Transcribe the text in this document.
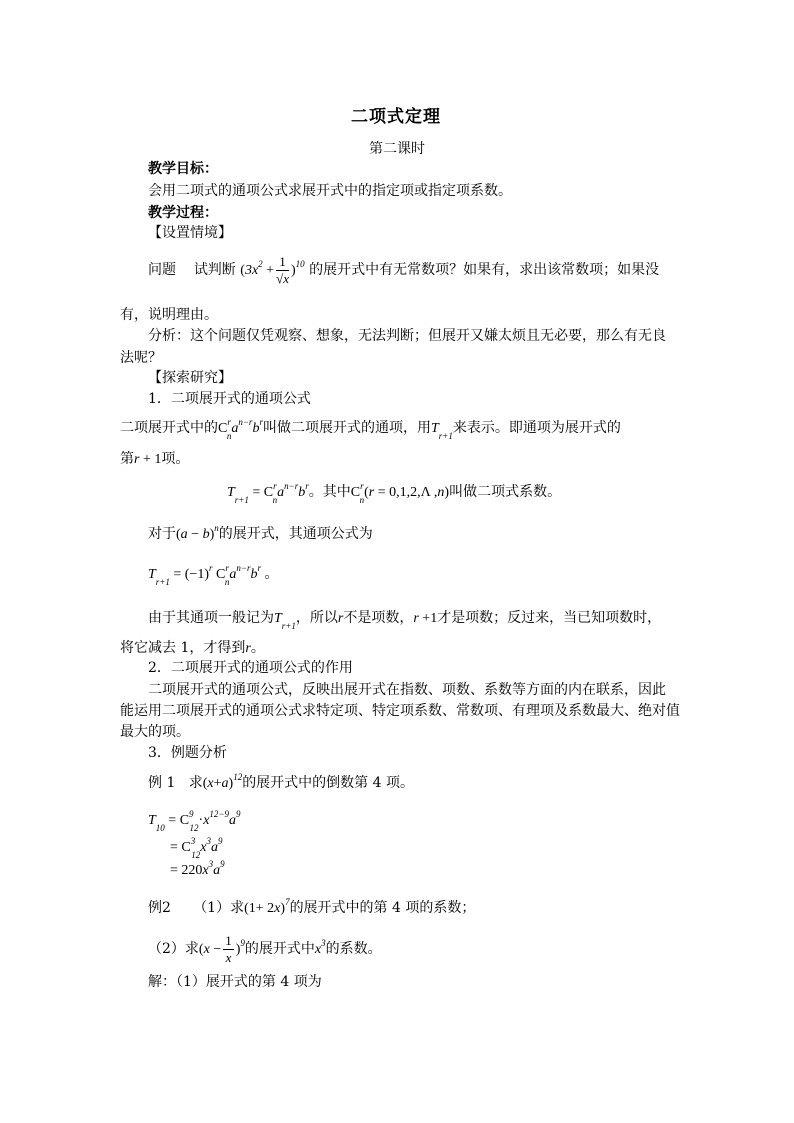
二项式定理
第二课时
教学目标：
会用二项式的通项公式求展开式中的指定项或指定项系数。
教学过程：
【设置情境】
问题 试判断 $(3x^2 + \frac{1}{√x} )^{10}$ 的展开式中有无常数项？如果有，求出该常数项；如果没
有，说明理由。
分析：这个问题仅凭观察、想象，无法判断；但展开又嫌太烦且无必要，那么有无良
法呢？
【探索研究】
1．二项展开式的通项公式
二项展开式中的$C^r_na^{n-r}b^r$叫做二项展开式的通项，用$T_{r+1}$来表示。即通项为展开式的
第r + 1项。
$T_{r+1} = C^r_na^{n-r}b^r$。其中$C^r_n(r = 0,1,2,\Lambda$ ,n)叫做二项式系数。
对于$(a - b)^n$的展开式，其通项公式为
$T_{r+1} = (-1)^r$ $C^r_na^{n-r}b^r$ 。
由于其通项一般记为$T_{r+1}$，所以r不是项数，r +1才是项数；反过来，当已知项数时，
将它减去 1，才得到r。
2．二项展开式的通项公式的作用
二项展开式的通项公式，反映出展开式在指数、项数、系数等方面的内在联系，因此
能运用二项展开式的通项公式求特定项、特定项系数、常数项、有理项及系数最大、绝对值
最大的项。
3．例题分析
例 1 求$(x+a)^{12}$的展开式中的倒数第 4 项。
$T_{10} = C^9_{12}\cdot x^{12-9}a^9$
= $C^3_{12}x^3a^9$
= $220x^3a^9$
例2 （1）求$(1+ 2x)^7$的展开式中的第 4 项的系数；
（2）求$(x - \frac{1}{x} )^9$的展开式中$x^3$的系数。
解：（1）展开式的第 4 项为
